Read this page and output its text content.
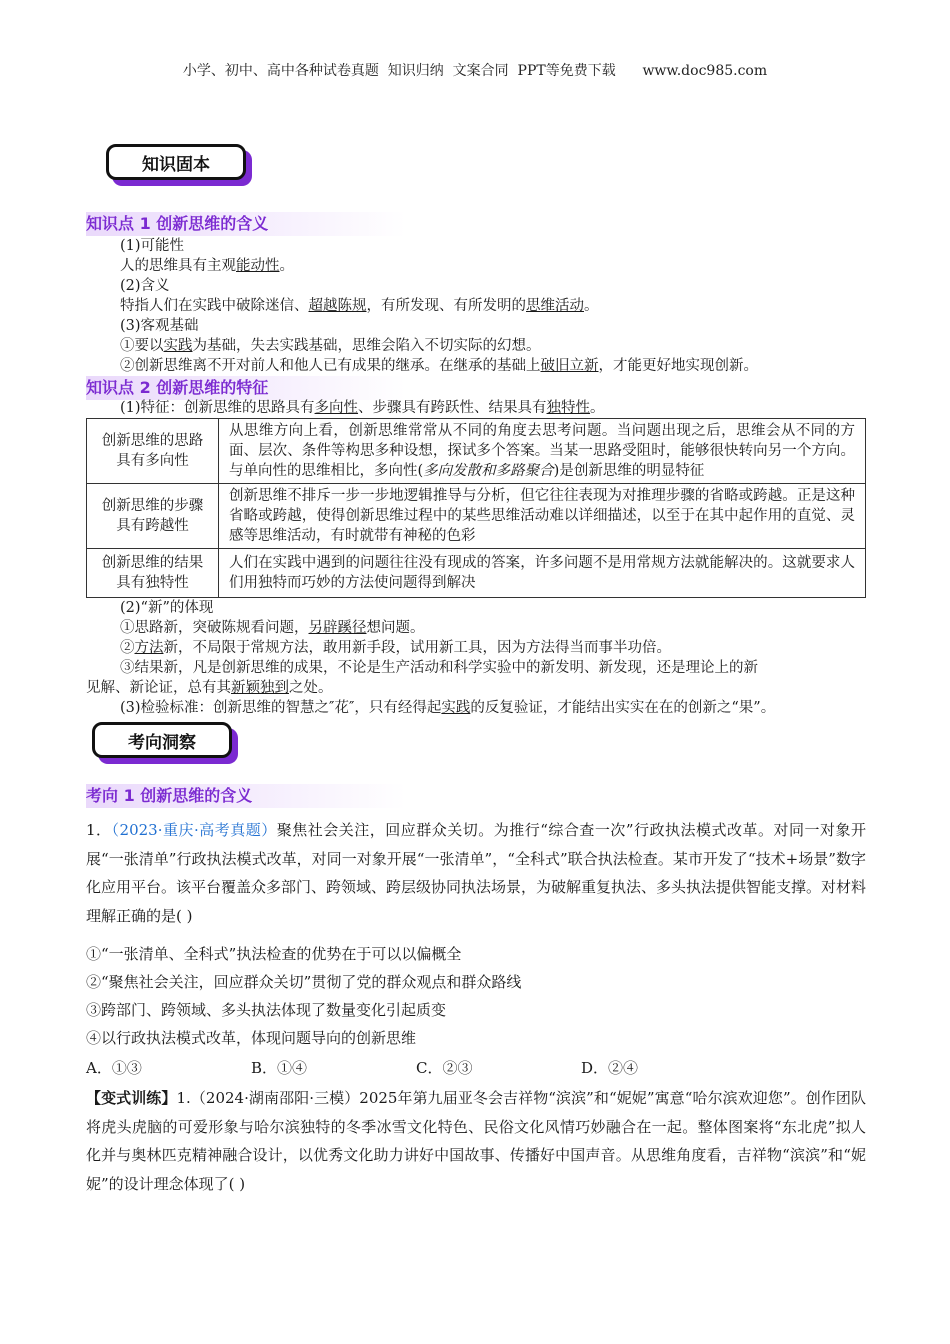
小学、初中、高中各种试卷真题  知识归纳  文案合同  PPT等免费下载      www.doc985.com
知识固本
知识点 1 创新思维的含义
(1)可能性
人的思维具有主观能动性。
(2)含义
特指人们在实践中破除迷信、超越陈规，有所发现、有所发明的思维活动。
(3)客观基础
①要以实践为基础，失去实践基础，思维会陷入不切实际的幻想。
②创新思维离不开对前人和他人已有成果的继承。在继承的基础上破旧立新，才能更好地实现创新。
知识点 2 创新思维的特征
(1)特征：创新思维的思路具有多向性、步骤具有跨跃性、结果具有独特性。
创新思维的思路具有多向性	从思维方向上看，创新思维常常从不同的角度去思考问题。当问题出现之后，思维会从不同的方面、层次、条件等构思多种设想，探试多个答案。当某一思路受阻时，能够很快转向另一个方向。与单向性的思维相比，多向性(多向发散和多路聚合)是创新思维的明显特征
创新思维的步骤具有跨越性	创新思维不排斥一步一步地逻辑推导与分析，但它往往表现为对推理步骤的省略或跨越。正是这种省略或跨越，使得创新思维过程中的某些思维活动难以详细描述，以至于在其中起作用的直觉、灵感等思维活动，有时就带有神秘的色彩
创新思维的结果具有独特性	人们在实践中遇到的问题往往没有现成的答案，许多问题不是用常规方法就能解决的。这就要求人们用独特而巧妙的方法使问题得到解决
(2)“新”的体现
①思路新，突破陈规看问题，另辟蹊径想问题。
②方法新，不局限于常规方法，敢用新手段，试用新工具，因为方法得当而事半功倍。
③结果新，凡是创新思维的成果，不论是生产活动和科学实验中的新发明、新发现，还是理论上的新
见解、新论证，总有其新颖独到之处。
(3)检验标准：创新思维的智慧之″花″，只有经得起实践的反复验证，才能结出实实在在的创新之“果”。
考向洞察
考向 1 创新思维的含义
1．（2023·重庆·高考真题）聚焦社会关注，回应群众关切。为推行“综合查一次”行政执法模式改革。对同一对象开展“一张清单”行政执法模式改革，对同一对象开展“一张清单”，“全科式”联合执法检查。某市开发了“技术+场景”数字化应用平台。该平台覆盖众多部门、跨领域、跨层级协同执法场景，为破解重复执法、多头执法提供智能支撑。对材料理解正确的是( )
①“一张清单、全科式”执法检查的优势在于可以以偏概全
②“聚焦社会关注，回应群众关切”贯彻了党的群众观点和群众路线
③跨部门、跨领域、多头执法体现了数量变化引起质变
④以行政执法模式改革，体现问题导向的创新思维
A．①③	B．①④	C．②③	D．②④
【变式训练】1.（2024·湖南邵阳·三模）2025年第九届亚冬会吉祥物“滨滨”和“妮妮”寓意“哈尔滨欢迎您”。创作团队将虎头虎脑的可爱形象与哈尔滨独特的冬季冰雪文化特色、民俗文化风情巧妙融合在一起。整体图案将“东北虎”拟人化并与奥林匹克精神融合设计，以优秀文化助力讲好中国故事、传播好中国声音。从思维角度看，吉祥物“滨滨”和“妮妮”的设计理念体现了( )
